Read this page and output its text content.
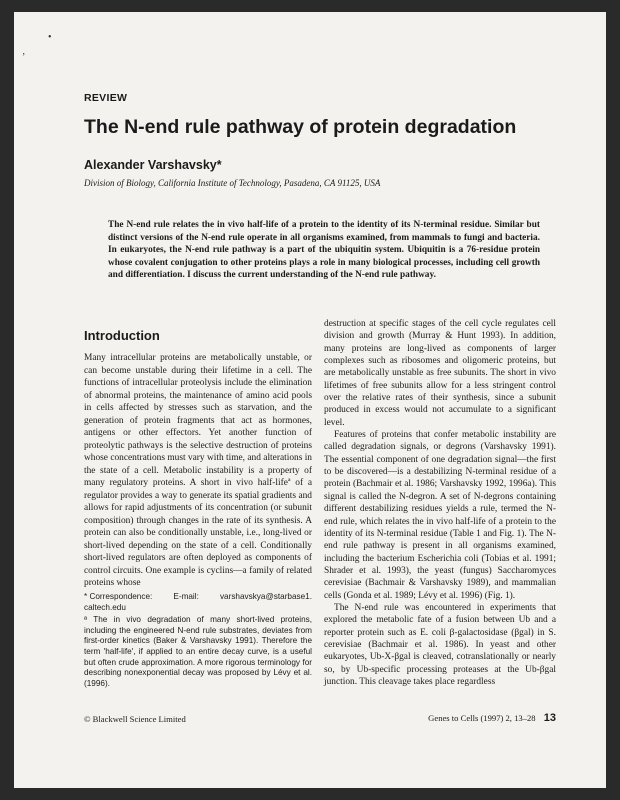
•
‚
REVIEW
The N-end rule pathway of protein degradation
Alexander Varshavsky*
Division of Biology, California Institute of Technology, Pasadena, CA 91125, USA

The N-end rule relates the in vivo half-life of a protein to the identity of its N-terminal residue. Similar but distinct versions of the N-end rule operate in all organisms examined, from mammals to fungi and bacteria. In eukaryotes, the N-end rule pathway is a part of the ubiquitin system. Ubiquitin is a 76-residue protein whose covalent conjugation to other proteins plays a role in many biological processes, including cell growth and differentiation. I discuss the current understanding of the N-end rule pathway.

Introduction

Many intracellular proteins are metabolically unstable, or can become unstable during their lifetime in a cell. The functions of intracellular proteolysis include the elimination of abnormal proteins, the maintenance of amino acid pools in cells affected by stresses such as starvation, and the generation of protein fragments that act as hormones, antigens or other effectors. Yet another function of proteolytic pathways is the selective destruction of proteins whose concentrations must vary with time, and alterations in the state of a cell. Metabolic instability is a property of many regulatory proteins. A short in vivo half-lifeª of a regulator provides a way to generate its spatial gradients and allows for rapid adjustments of its concentration (or subunit composition) through changes in the rate of its synthesis. A protein can also be conditionally unstable, i.e., long-lived or short-lived depending on the state of a cell. Conditionally short-lived regulators are often deployed as components of control circuits. One example is cyclins—a family of related proteins whose

destruction at specific stages of the cell cycle regulates cell division and growth (Murray & Hunt 1993). In addition, many proteins are long-lived as components of larger complexes such as ribosomes and oligomeric proteins, but are metabolically unstable as free subunits. The short in vivo lifetimes of free subunits allow for a less stringent control over the relative rates of their synthesis, since a subunit produced in excess would not accumulate to a significant level.

Features of proteins that confer metabolic instability are called degradation signals, or degrons (Varshavsky 1991). The essential component of one degradation signal—the first to be discovered—is a destabilizing N-terminal residue of a protein (Bachmair et al. 1986; Varshavsky 1992, 1996a). This signal is called the N-degron. A set of N-degrons containing different destabilizing residues yields a rule, termed the N-end rule, which relates the in vivo half-life of a protein to the identity of its N-terminal residue (Table 1 and Fig. 1). The N-end rule pathway is present in all organisms examined, including the bacterium Escherichia coli (Tobias et al. 1991; Shrader et al. 1993), the yeast (fungus) Saccharomyces cerevisiae (Bachmair & Varshavsky 1989), and mammalian cells (Gonda et al. 1989; Lévy et al. 1996) (Fig. 1).

The N-end rule was encountered in experiments that explored the metabolic fate of a fusion between Ub and a reporter protein such as E. coli β-galactosidase (βgal) in S. cerevisiae (Bachmair et al. 1986). In yeast and other eukaryotes, Ub-X-βgal is cleaved, cotranslationally or nearly so, by Ub-specific processing proteases at the Ub-βgal junction. This cleavage takes place regardless

* Correspondence:	E-mail:	varshavskya@starbase1.
caltech.edu

ª The in vivo degradation of many short-lived proteins, including the engineered N-end rule substrates, deviates from first-order kinetics (Baker & Varshavsky 1991). Therefore the term 'half-life', if applied to an entire decay curve, is a useful but often crude approximation. A more rigorous terminology for describing nonexponential decay was proposed by Lévy et al. (1996).

© Blackwell Science Limited	Genes to Cells (1997) 2, 13–28 13
